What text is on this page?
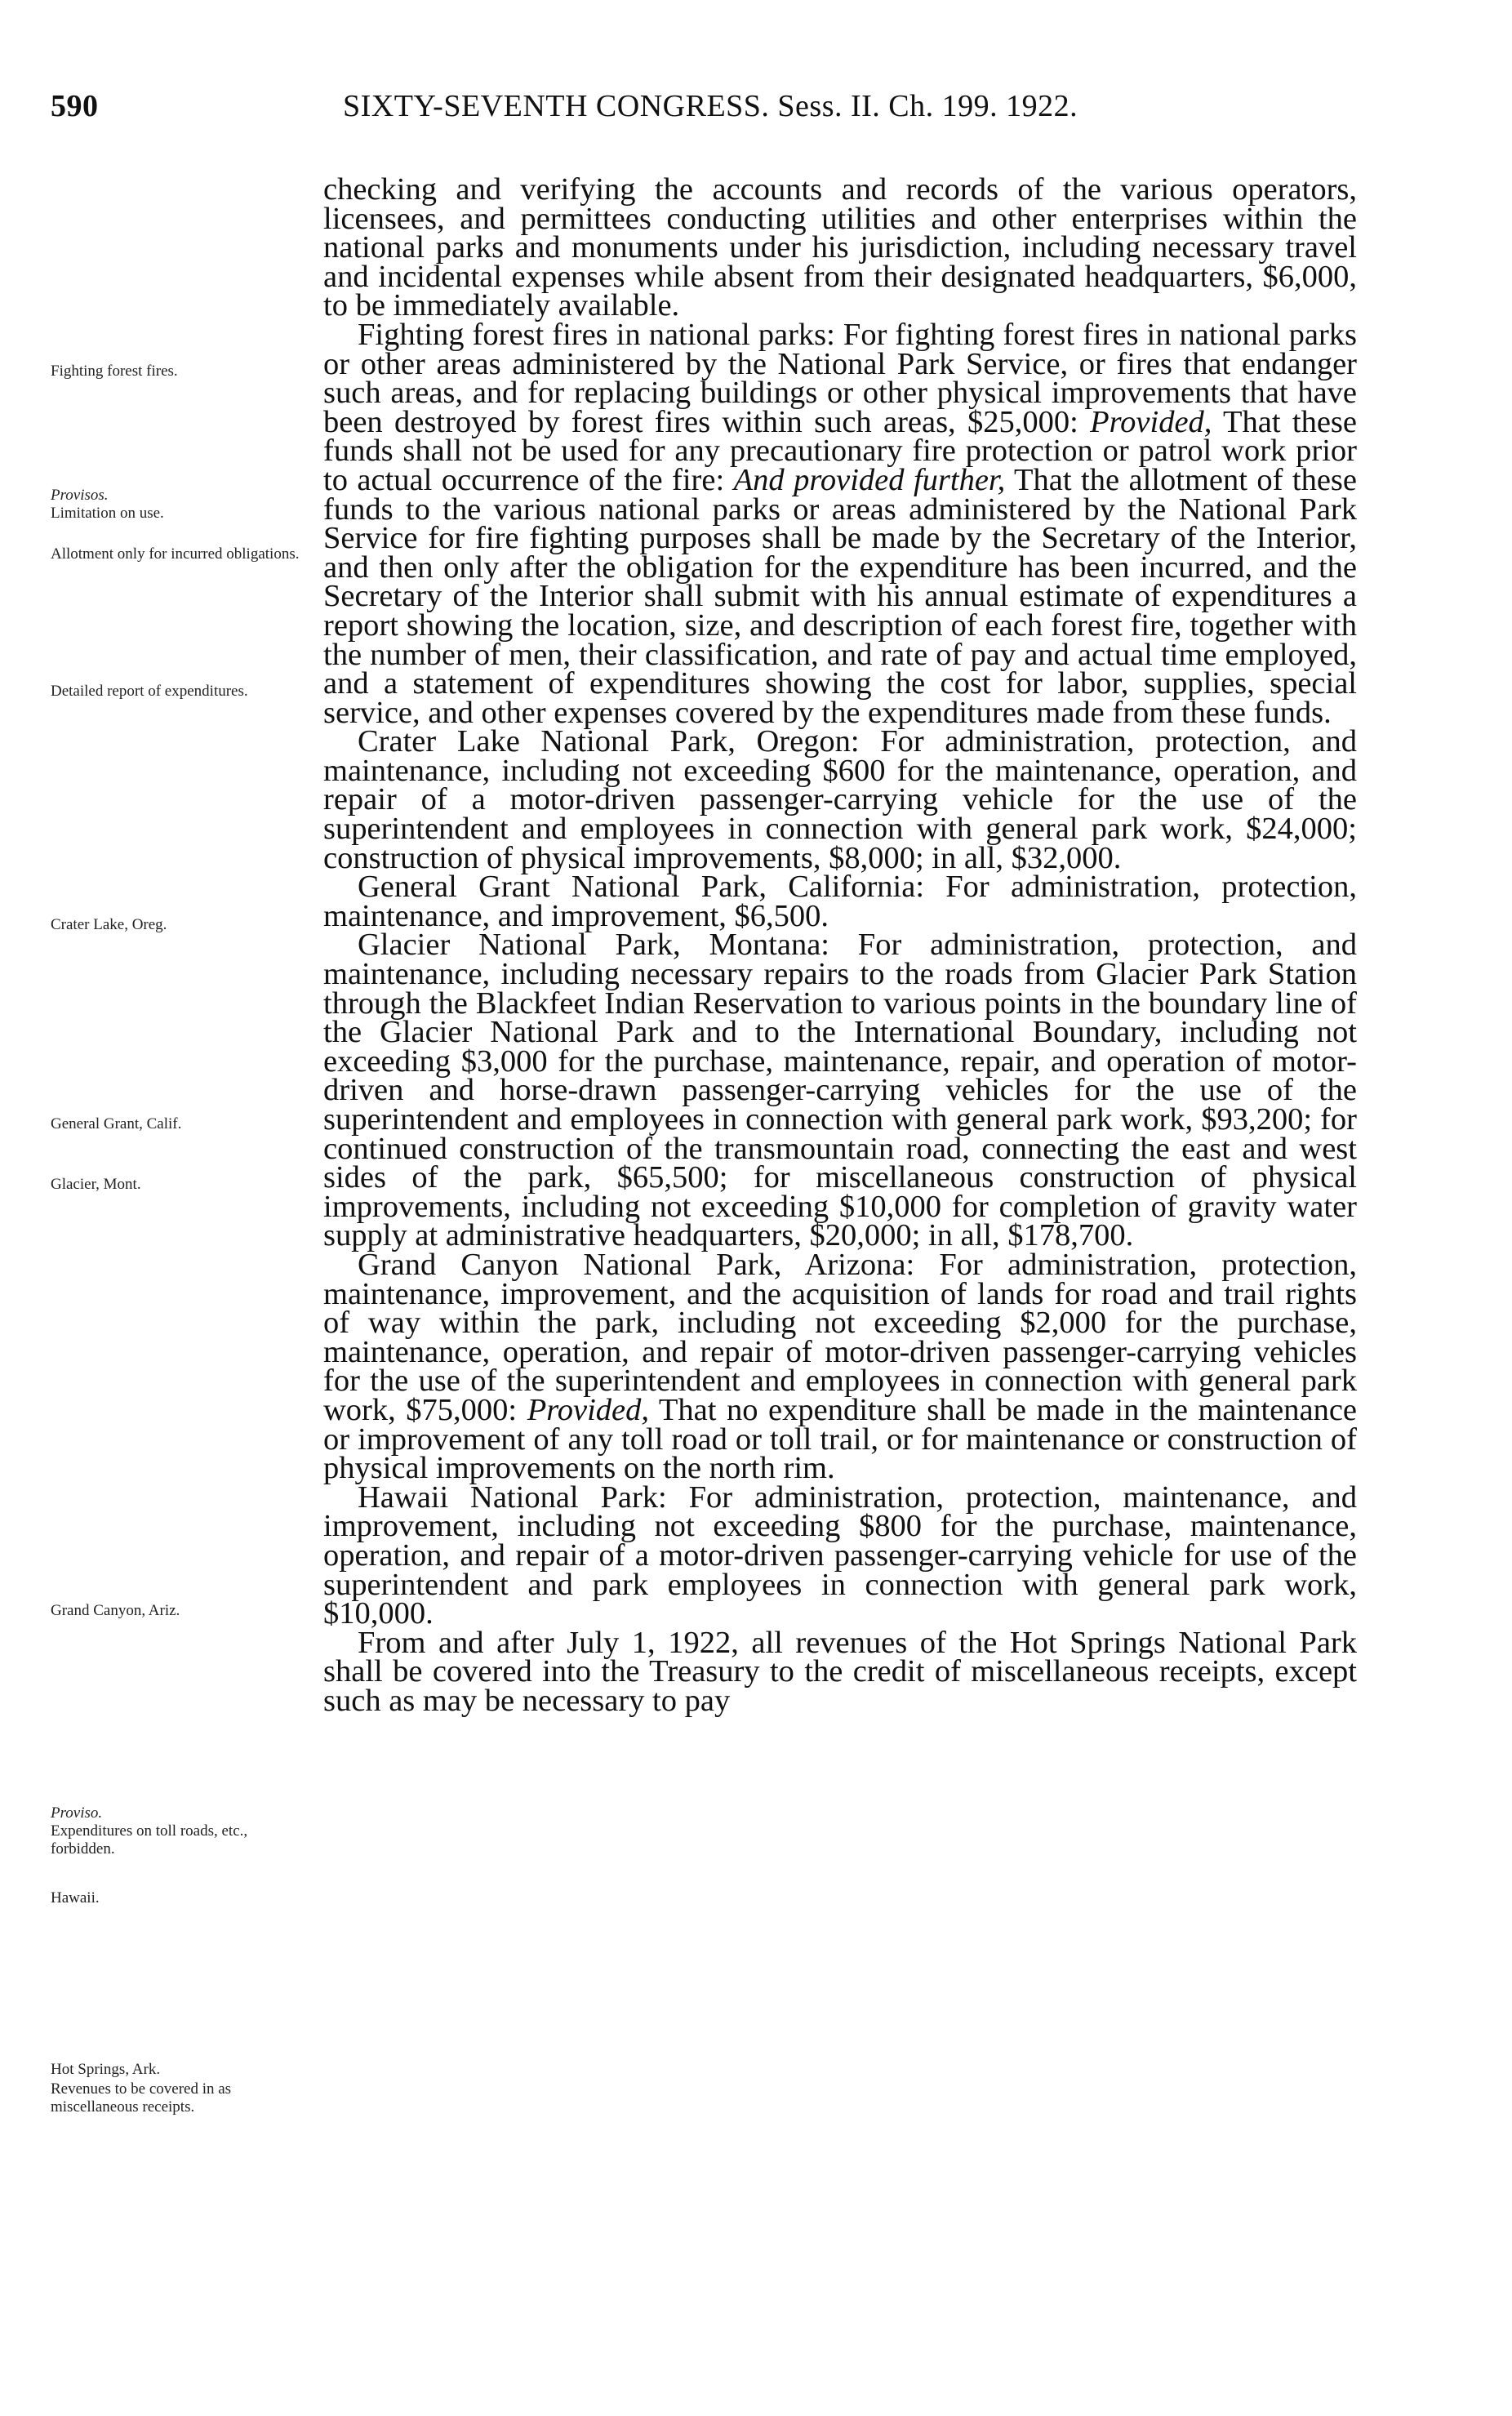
590	SIXTY-SEVENTH CONGRESS. Sess. II. Ch. 199. 1922.
Fighting forest fires.
Provisos.
Limitation on use.
Allotment only for incurred obligations.
Detailed report of expenditures.
Crater Lake, Oreg.
General Grant, Calif.
Glacier, Mont.
Grand Canyon, Ariz.
Proviso.
Expenditures on toll roads, etc., forbidden.
Hawaii.
Hot Springs, Ark.
Revenues to be covered in as miscellaneous receipts.

checking and verifying the accounts and records of the various operators, licensees, and permittees conducting utilities and other enterprises within the national parks and monuments under his jurisdiction, including necessary travel and incidental expenses while absent from their designated headquarters, $6,000, to be immediately available.

Fighting forest fires in national parks: For fighting forest fires in national parks or other areas administered by the National Park Service, or fires that endanger such areas, and for replacing buildings or other physical improvements that have been destroyed by forest fires within such areas, $25,000: Provided, That these funds shall not be used for any precautionary fire protection or patrol work prior to actual occurrence of the fire: And provided further, That the allotment of these funds to the various national parks or areas administered by the National Park Service for fire fighting purposes shall be made by the Secretary of the Interior, and then only after the obligation for the expenditure has been incurred, and the Secretary of the Interior shall submit with his annual estimate of expenditures a report showing the location, size, and description of each forest fire, together with the number of men, their classification, and rate of pay and actual time employed, and a statement of expenditures showing the cost for labor, supplies, special service, and other expenses covered by the expenditures made from these funds.

Crater Lake National Park, Oregon: For administration, protection, and maintenance, including not exceeding $600 for the maintenance, operation, and repair of a motor-driven passenger-carrying vehicle for the use of the superintendent and employees in connection with general park work, $24,000; construction of physical improvements, $8,000; in all, $32,000.

General Grant National Park, California: For administration, protection, maintenance, and improvement, $6,500.

Glacier National Park, Montana: For administration, protection, and maintenance, including necessary repairs to the roads from Glacier Park Station through the Blackfeet Indian Reservation to various points in the boundary line of the Glacier National Park and to the International Boundary, including not exceeding $3,000 for the purchase, maintenance, repair, and operation of motor-driven and horse-drawn passenger-carrying vehicles for the use of the superintendent and employees in connection with general park work, $93,200; for continued construction of the transmountain road, connecting the east and west sides of the park, $65,500; for miscellaneous construction of physical improvements, including not exceeding $10,000 for completion of gravity water supply at administrative headquarters, $20,000; in all, $178,700.

Grand Canyon National Park, Arizona: For administration, protection, maintenance, improvement, and the acquisition of lands for road and trail rights of way within the park, including not exceeding $2,000 for the purchase, maintenance, operation, and repair of motor-driven passenger-carrying vehicles for the use of the superintendent and employees in connection with general park work, $75,000: Provided, That no expenditure shall be made in the maintenance or improvement of any toll road or toll trail, or for maintenance or construction of physical improvements on the north rim.

Hawaii National Park: For administration, protection, maintenance, and improvement, including not exceeding $800 for the purchase, maintenance, operation, and repair of a motor-driven passenger-carrying vehicle for use of the superintendent and park employees in connection with general park work, $10,000.

From and after July 1, 1922, all revenues of the Hot Springs National Park shall be covered into the Treasury to the credit of miscellaneous receipts, except such as may be necessary to pay
